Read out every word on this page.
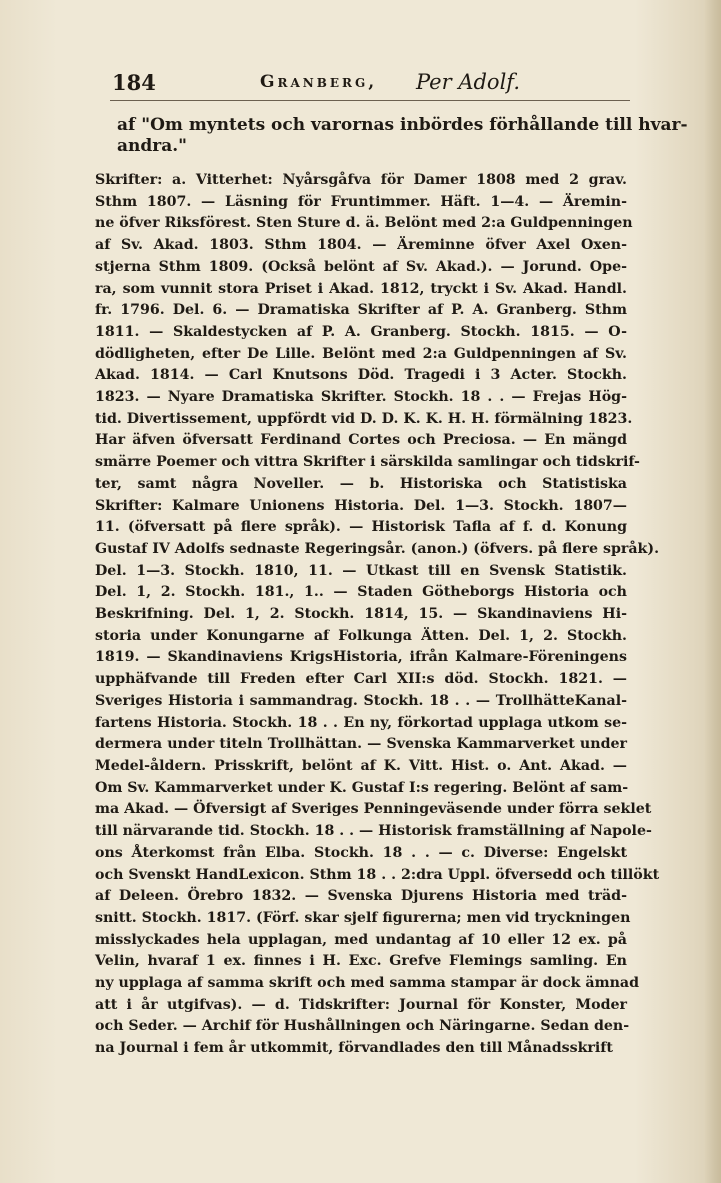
184	Granberg, Per Adolf.
af "Om myntets och varornas inbördes förhållande till hvar-
andra."
Skrifter: a. Vitterhet: Nyårsgåfva för Damer 1808 med 2 grav.
Sthm 1807. — Läsning för Fruntimmer. Häft. 1—4. — Äremin-
ne öfver Riksförest. Sten Sture d. ä. Belönt med 2:a Guldpenningen
af Sv. Akad. 1803. Sthm 1804. — Äreminne öfver Axel Oxen-
stjerna Sthm 1809. (Också belönt af Sv. Akad.). — Jorund. Ope-
ra, som vunnit stora Priset i Akad. 1812, tryckt i Sv. Akad. Handl.
fr. 1796. Del. 6. — Dramatiska Skrifter af P. A. Granberg. Sthm
1811. — Skaldestycken af P. A. Granberg. Stockh. 1815. — O-
dödligheten, efter De Lille. Belönt med 2:a Guldpenningen af Sv.
Akad. 1814. — Carl Knutsons Död. Tragedi i 3 Acter. Stockh.
1823. — Nyare Dramatiska Skrifter. Stockh. 18 . . — Frejas Hög-
tid. Divertissement, uppfördt vid D. D. K. K. H. H. förmälning 1823.
Har äfven öfversatt Ferdinand Cortes och Preciosa. — En mängd
smärre Poemer och vittra Skrifter i särskilda samlingar och tidskrif-
ter, samt några Noveller. — b. Historiska och Statistiska
Skrifter: Kalmare Unionens Historia. Del. 1—3. Stockh. 1807—
11. (öfversatt på flere språk). — Historisk Tafla af f. d. Konung
Gustaf IV Adolfs sednaste Regeringsår. (anon.) (öfvers. på flere språk).
Del. 1—3. Stockh. 1810, 11. — Utkast till en Svensk Statistik.
Del. 1, 2. Stockh. 181., 1.. — Staden Götheborgs Historia och
Beskrifning. Del. 1, 2. Stockh. 1814, 15. — Skandinaviens Hi-
storia under Konungarne af Folkunga Ätten. Del. 1, 2. Stockh.
1819. — Skandinaviens KrigsHistoria, ifrån Kalmare-Föreningens
upphäfvande till Freden efter Carl XII:s död. Stockh. 1821. —
Sveriges Historia i sammandrag. Stockh. 18 . . — TrollhätteKanal-
fartens Historia. Stockh. 18 . . En ny, förkortad upplaga utkom se-
dermera under titeln Trollhättan. — Svenska Kammarverket under
Medel-åldern. Prisskrift, belönt af K. Vitt. Hist. o. Ant. Akad. —
Om Sv. Kammarverket under K. Gustaf I:s regering. Belönt af sam-
ma Akad. — Öfversigt af Sveriges Penningeväsende under förra seklet
till närvarande tid. Stockh. 18 . . — Historisk framställning af Napole-
ons Återkomst från Elba. Stockh. 18 . . — c. Diverse: Engelskt
och Svenskt HandLexicon. Sthm 18 . . 2:dra Uppl. öfversedd och tillökt
af Deleen. Örebro 1832. — Svenska Djurens Historia med träd-
snitt. Stockh. 1817. (Förf. skar sjelf figurerna; men vid tryckningen
misslyckades hela upplagan, med undantag af 10 eller 12 ex. på
Velin, hvaraf 1 ex. finnes i H. Exc. Grefve Flemings samling. En
ny upplaga af samma skrift och med samma stampar är dock ämnad
att i år utgifvas). — d. Tidskrifter: Journal för Konster, Moder
och Seder. — Archif för Hushållningen och Näringarne. Sedan den-
na Journal i fem år utkommit, förvandlades den till Månadsskrift
